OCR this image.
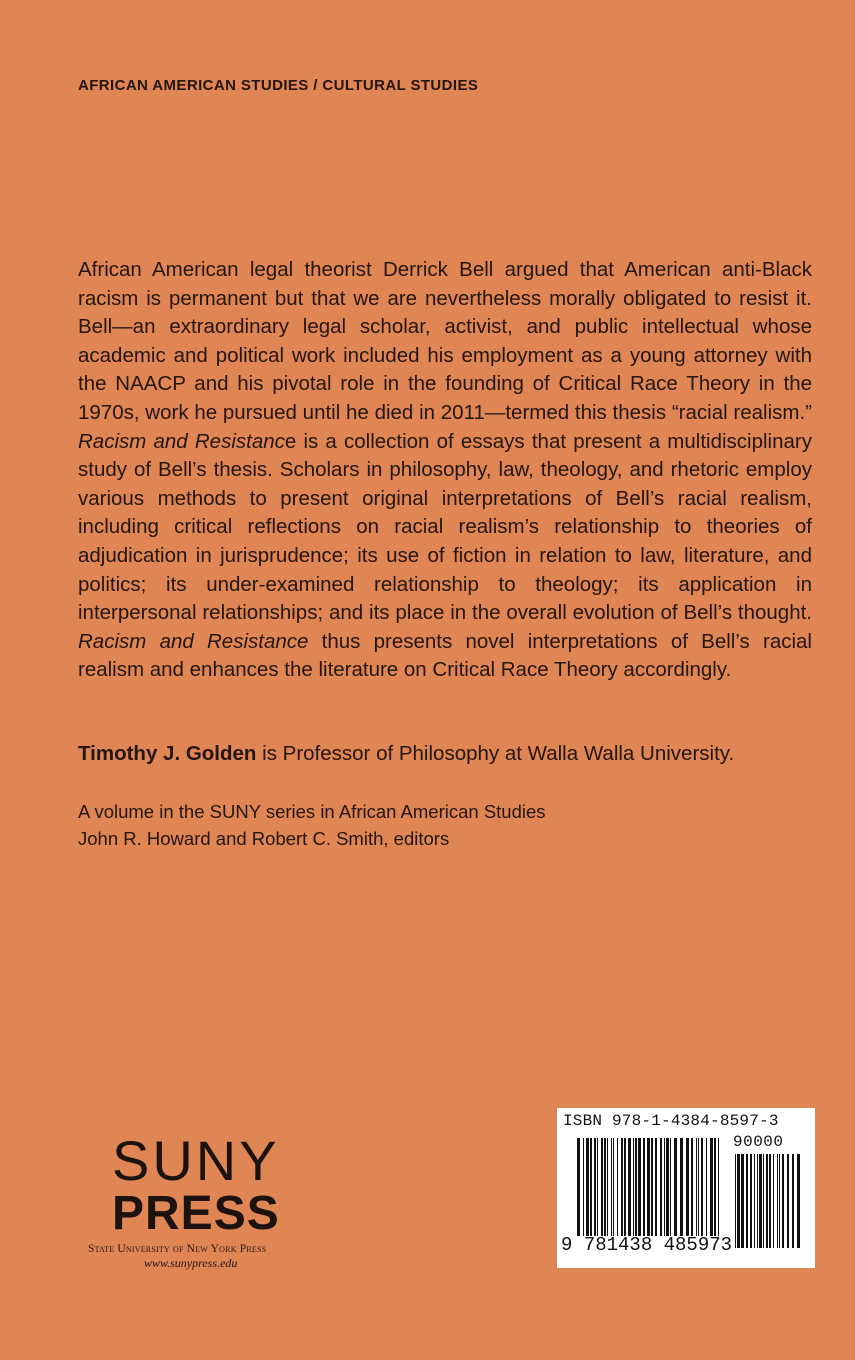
AFRICAN AMERICAN STUDIES / CULTURAL STUDIES

African American legal theorist Derrick Bell argued that American anti-Black racism is permanent but that we are nevertheless morally obligated to resist it. Bell—an extraordinary legal scholar, activist, and public intellectual whose academic and political work included his employment as a young attorney with the NAACP and his pivotal role in the founding of Critical Race Theory in the 1970s, work he pursued until he died in 2011—termed this thesis “racial realism.” Racism and Resistance is a collection of essays that present a multidisciplinary study of Bell’s thesis. Scholars in philosophy, law, theology, and rhetoric employ various methods to present original interpretations of Bell’s racial realism, including critical reflections on racial realism’s relationship to theories of adjudication in jurisprudence; its use of fiction in relation to law, literature, and politics; its under-examined relationship to theology; its application in interpersonal relationships; and its place in the overall evolution of Bell’s thought. Racism and Resistance thus presents novel interpretations of Bell’s racial realism and enhances the literature on Critical Race Theory accordingly.

Timothy J. Golden is Professor of Philosophy at Walla Walla University.

A volume in the SUNY series in African American Studies
John R. Howard and Robert C. Smith, editors
SUNY
PRESS
State University of New York Press
www.sunypress.edu
ISBN 978-1-4384-8597-3
90000
9 781438 485973
